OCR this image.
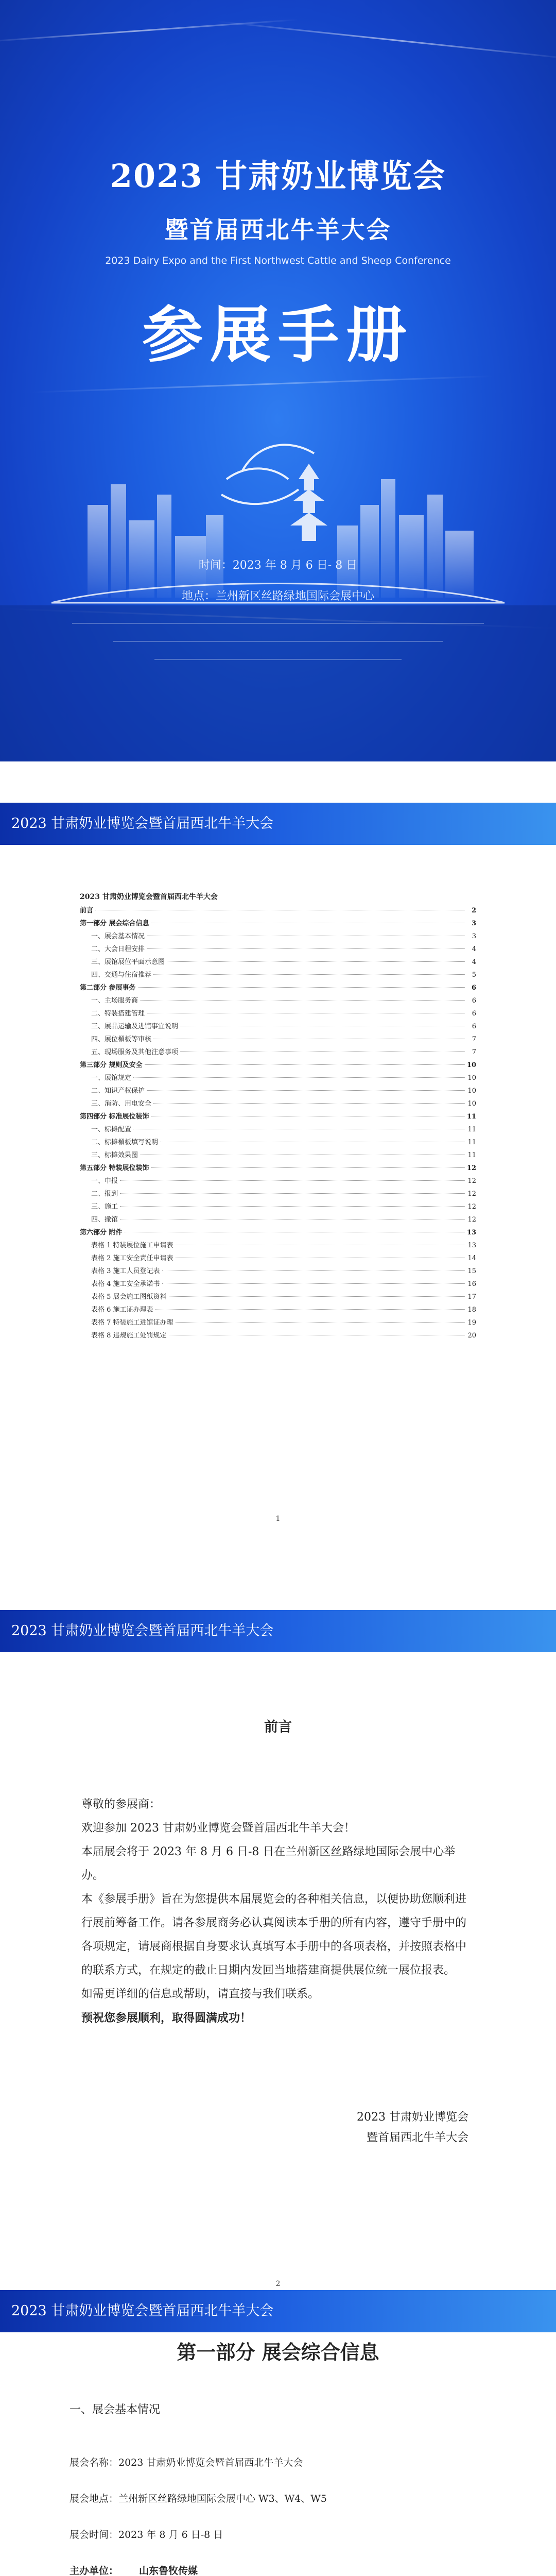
2023 甘肃奶业博览会
暨首届西北牛羊大会
2023 Dairy Expo and the First Northwest Cattle and Sheep Conference
参展手册
时间：2023 年 8 月 6 日- 8 日
地点：兰州新区丝路绿地国际会展中心
2023 甘肃奶业博览会暨首届西北牛羊大会
2023 甘肃奶业博览会暨首届西北牛羊大会
前言	2
第一部分 展会综合信息	3
一、展会基本情况	3
二、大会日程安排	4
三、展馆展位平面示意图	4
四、交通与住宿推荐	5
第二部分 参展事务	6
一、主场服务商	6
二、特装搭建管理	6
三、展品运输及进馆事宜说明	6
四、展位楣板等审核	7
五、现场服务及其他注意事项	7
第三部分 规则及安全	10
一、展馆规定	10
二、知识产权保护	10
三、消防、用电安全	10
第四部分 标准展位装饰	11
一、标摊配置	11
二、标摊楣板填写说明	11
三、标摊效果图	11
第五部分 特装展位装饰	12
一、申报	12
二、报到	12
三、施工	12
四、撤馆	12
第六部分 附件	13
表格 1 特装展位施工申请表	13
表格 2 施工安全责任申请表	14
表格 3 施工人员登记表	15
表格 4 施工安全承诺书	16
表格 5 展会施工图纸资料	17
表格 6 施工证办理表	18
表格 7 特装施工进馆证办理	19
表格 8 违规施工处罚规定	20
1
2023 甘肃奶业博览会暨首届西北牛羊大会
前言

尊敬的参展商：

欢迎参加 2023 甘肃奶业博览会暨首届西北牛羊大会！

本届展会将于 2023 年 8 月 6 日-8 日在兰州新区丝路绿地国际会展中心举办。

本《参展手册》旨在为您提供本届展览会的各种相关信息，以便协助您顺利进行展前筹备工作。请各参展商务必认真阅读本手册的所有内容，遵守手册中的各项规定，请展商根据自身要求认真填写本手册中的各项表格，并按照表格中的联系方式，在规定的截止日期内发回当地搭建商提供展位统一展位报表。

如需更详细的信息或帮助，请直接与我们联系。

预祝您参展顺利，取得圆满成功！

2023 甘肃奶业博览会
暨首届西北牛羊大会
2
2023 甘肃奶业博览会暨首届西北牛羊大会
第一部分 展会综合信息
一、展会基本情况
展会名称：2023 甘肃奶业博览会暨首届西北牛羊大会
展会地点：兰州新区丝路绿地国际会展中心 W3、W4、W5
展会时间：2023 年 8 月 6 日-8 日
主办单位： 山东鲁牧传媒
